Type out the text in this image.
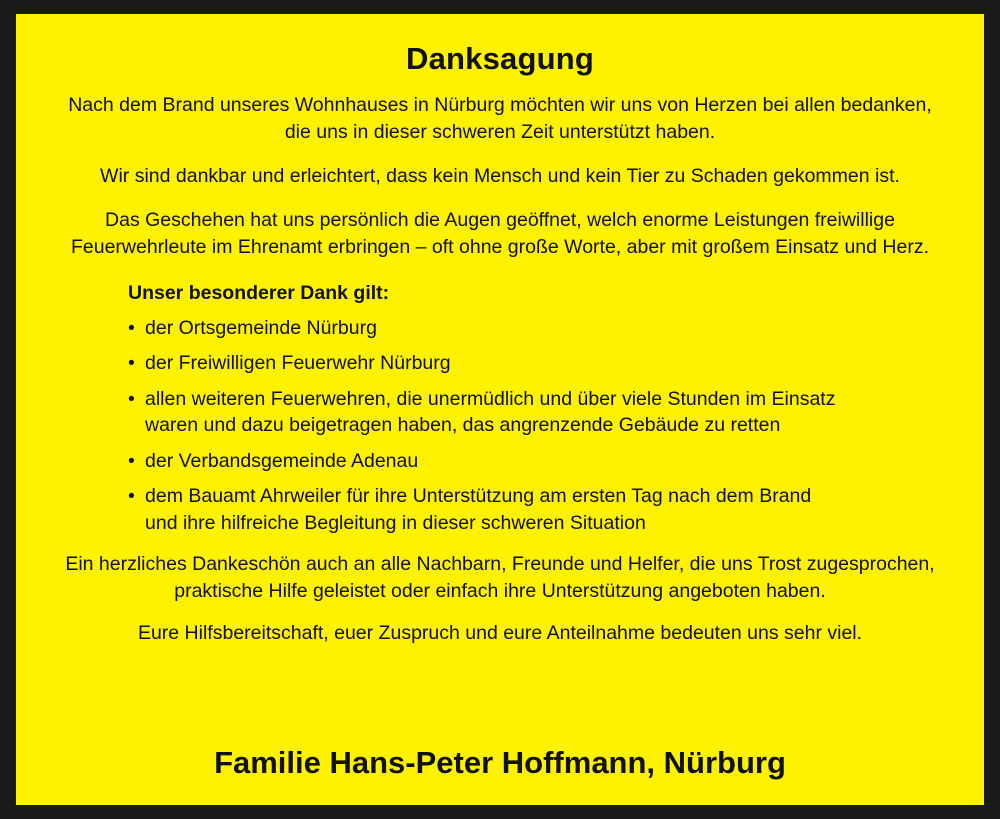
Danksagung

Nach dem Brand unseres Wohnhauses in Nürburg möchten wir uns von Herzen bei allen bedanken, die uns in dieser schweren Zeit unterstützt haben.

Wir sind dankbar und erleichtert, dass kein Mensch und kein Tier zu Schaden gekommen ist.

Das Geschehen hat uns persönlich die Augen geöffnet, welch enorme Leistungen freiwillige Feuerwehrleute im Ehrenamt erbringen – oft ohne große Worte, aber mit großem Einsatz und Herz.

Unser besonderer Dank gilt:
• der Ortsgemeinde Nürburg
• der Freiwilligen Feuerwehr Nürburg
• allen weiteren Feuerwehren, die unermüdlich und über viele Stunden im Einsatz
waren und dazu beigetragen haben, das angrenzende Gebäude zu retten
• der Verbandsgemeinde Adenau
• dem Bauamt Ahrweiler für ihre Unterstützung am ersten Tag nach dem Brand
und ihre hilfreiche Begleitung in dieser schweren Situation

Ein herzliches Dankeschön auch an alle Nachbarn, Freunde und Helfer, die uns Trost zugesprochen, praktische Hilfe geleistet oder einfach ihre Unterstützung angeboten haben.

Eure Hilfsbereitschaft, euer Zuspruch und eure Anteilnahme bedeuten uns sehr viel.

Familie Hans-Peter Hoffmann, Nürburg
